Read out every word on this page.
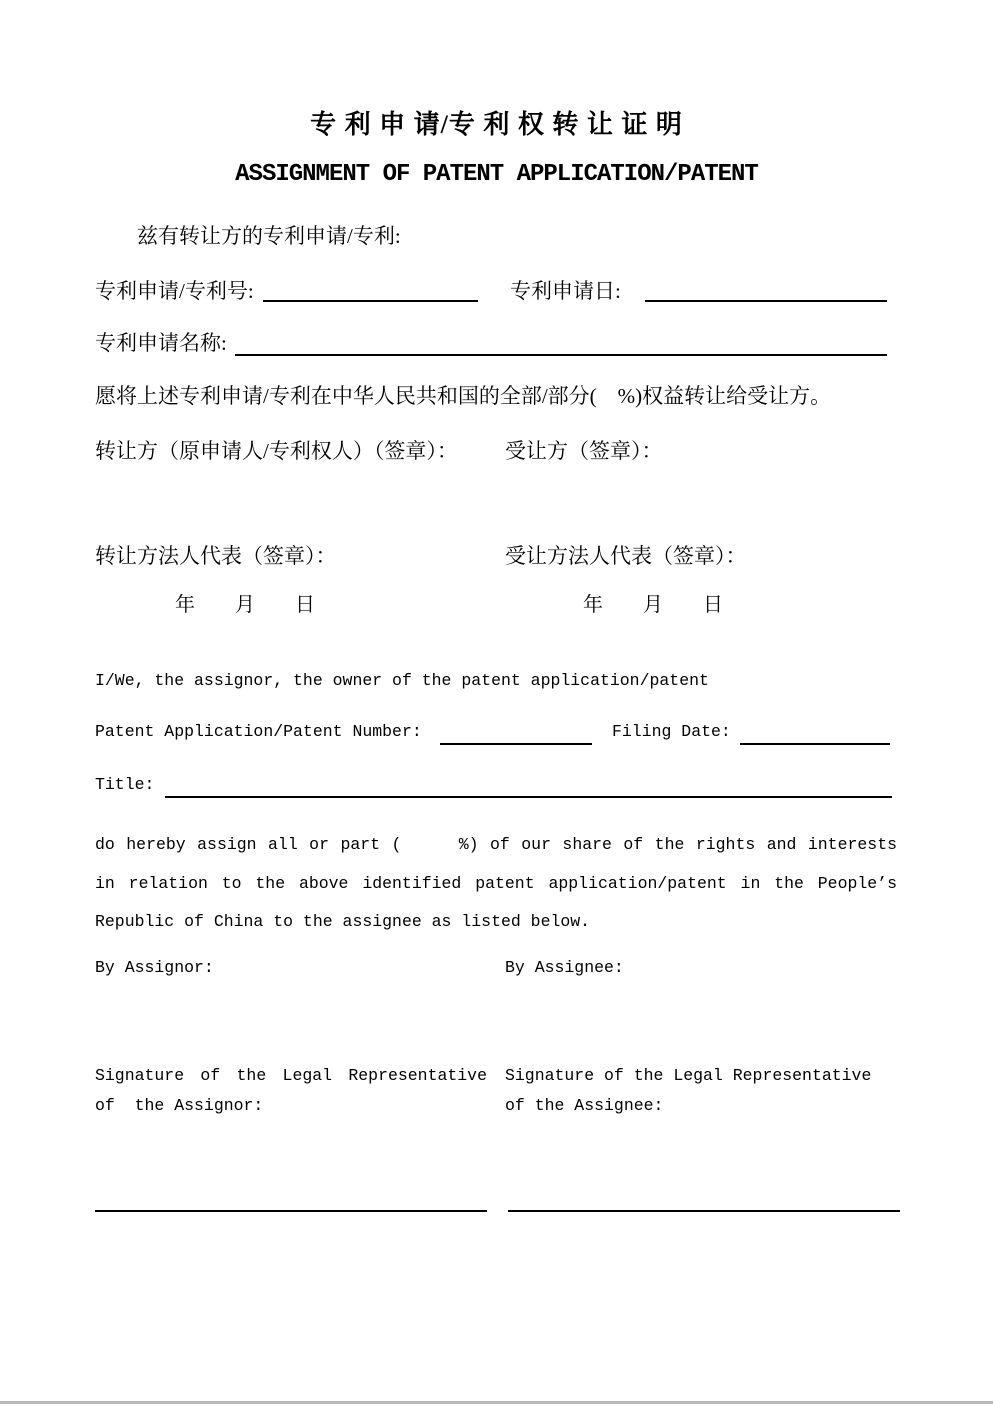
专 利 申 请/专 利 权 转 让 证 明
ASSIGNMENT OF PATENT APPLICATION/PATENT
兹有转让方的专利申请/专利:
专利申请/专利号:	专利申请日:
专利申请名称:
愿将上述专利申请/专利在中华人民共和国的全部/部分(    %)权益转让给受让方。
转让方（原申请人/专利权人）（签章）： 受让方（签章）：
转让方法人代表（签章）：	受让方法人代表（签章）：
年　　月　　日	年　　月　　日
I/We, the assignor, the owner of the patent application/patent
Patent Application/Patent Number:	Filing Date:
Title:
do hereby assign all or part (     %) of our share of the rights and interests in relation to the above identified patent application/patent in the People’s Republic of China to the assignee as listed below.
By Assignor:	By Assignee:
Signature of the Legal Representative of  the Assignor:
Signature of the Legal Representative of the Assignee:
